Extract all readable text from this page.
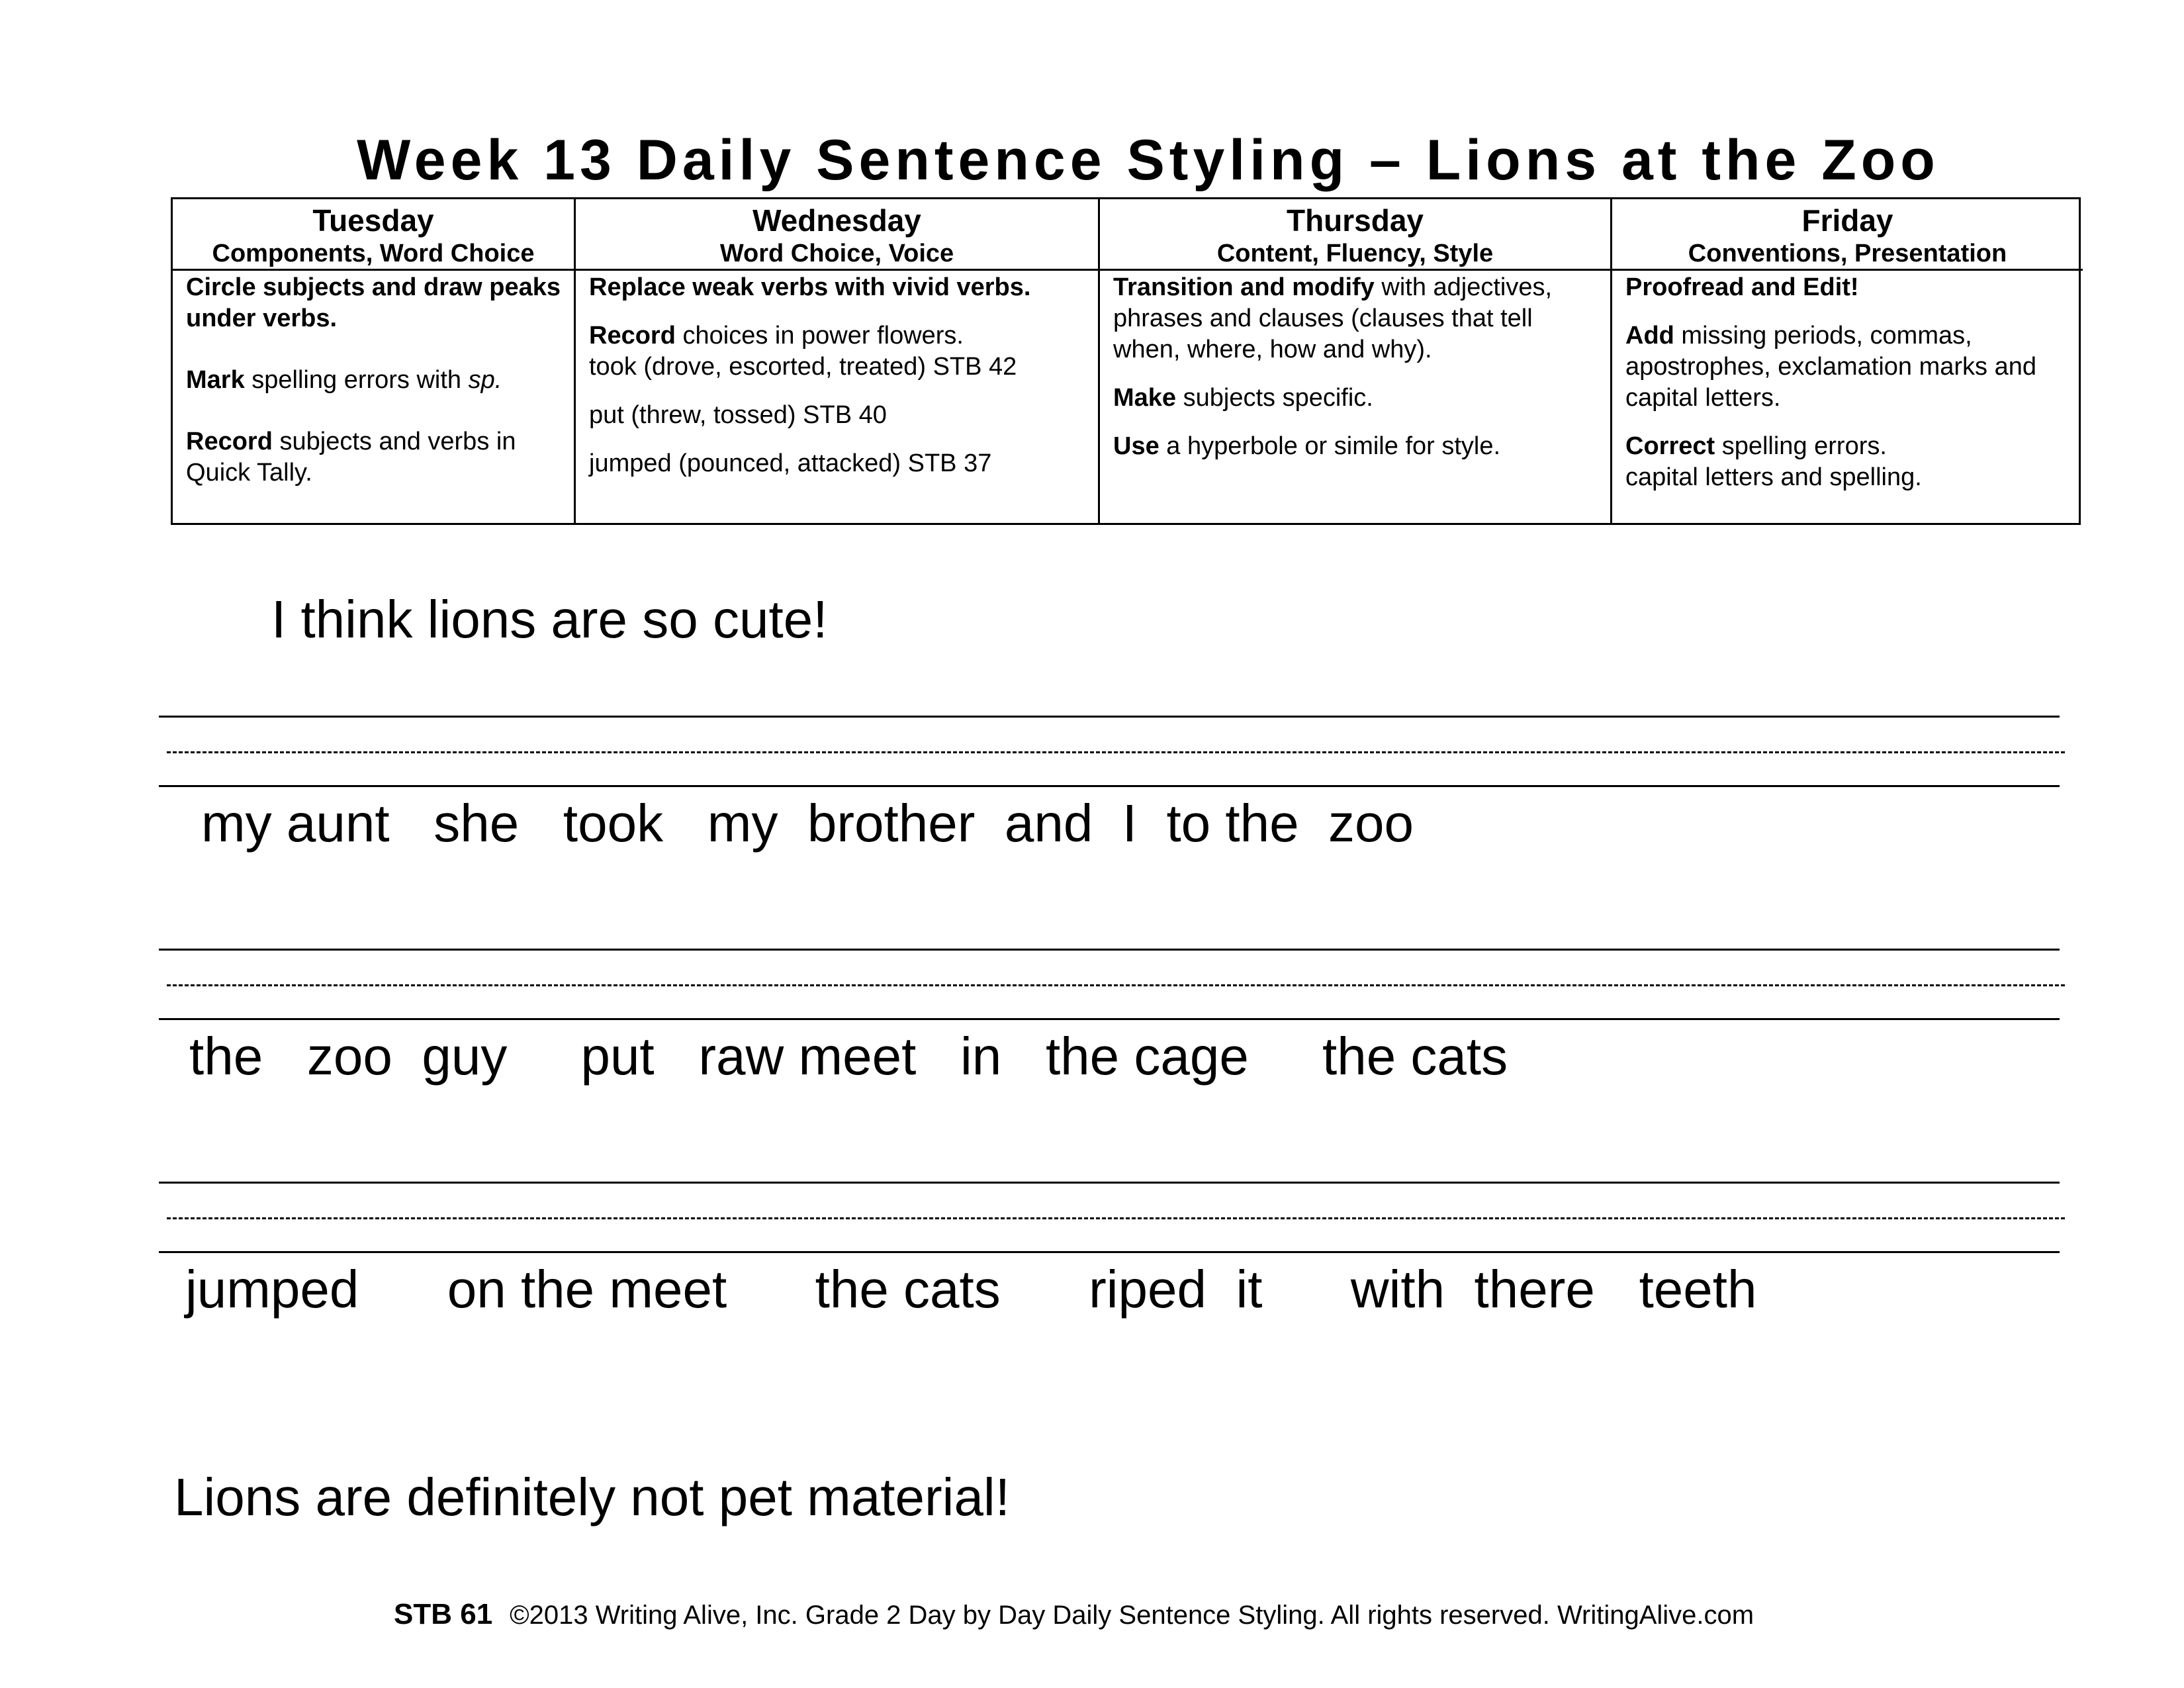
Week 13 Daily Sentence Styling – Lions at the Zoo
Tuesday
Components, Word Choice

Circle subjects and draw peaks under verbs.

Mark spelling errors with sp.

Record subjects and verbs in Quick Tally.

Wednesday
Word Choice, Voice

Replace weak verbs with vivid verbs.

Record choices in power flowers.

took (drove, escorted, treated) STB 42

put (threw, tossed) STB 40

jumped (pounced, attacked) STB 37

Thursday
Content, Fluency, Style

Transition and modify with adjectives, phrases and clauses (clauses that tell when, where, how and why).

Make subjects specific.

Use a hyperbole or simile for style.

Friday
Conventions, Presentation

Proofread and Edit!

Add missing periods, commas, apostrophes, exclamation marks and capital letters.

Correct spelling errors.

capital letters and spelling.

I think lions are so cute!
my aunt   she   took   my  brother  and  I  to the  zoo
the   zoo  guy     put   raw meet   in   the cage     the cats
jumped      on the meet      the cats      riped  it      with  there   teeth
Lions are definitely not pet material!
STB 61 ©2013 Writing Alive, Inc. Grade 2 Day by Day Daily Sentence Styling. All rights reserved. WritingAlive.com
